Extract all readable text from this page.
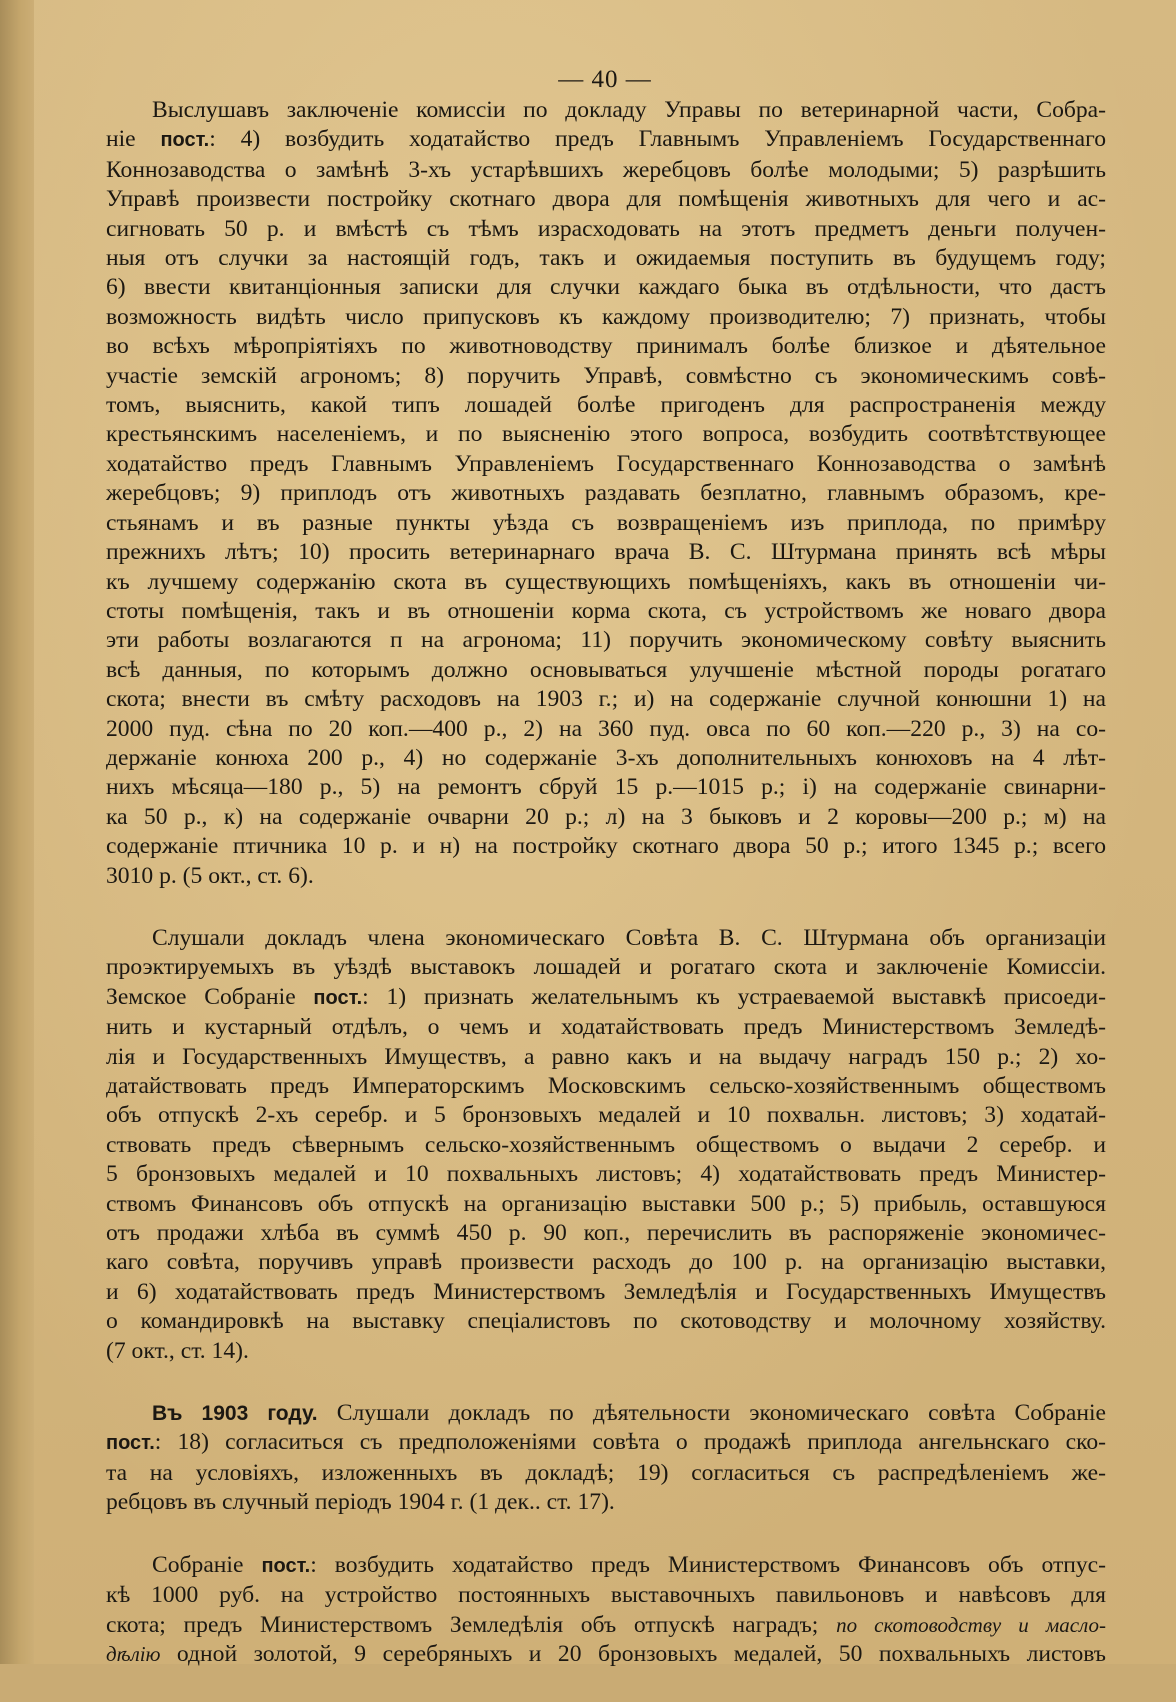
— 40 —

Выслушавъ заключеніе комиссіи по докладу Управы по ветеринарной части, Собра-
ніе пост.: 4) возбудить ходатайство предъ Главнымъ Управленіемъ Государственнаго
Коннозаводства о замѣнѣ 3-хъ устарѣвшихъ жеребцовъ болѣе молодыми; 5) разрѣшить
Управѣ произвести постройку скотнаго двора для помѣщенія животныхъ для чего и ас-
сигновать 50 р. и вмѣстѣ съ тѣмъ израсходовать на этотъ предметъ деньги получен-
ныя отъ случки за настоящій годъ, такъ и ожидаемыя поступить въ будущемъ году;
6) ввести квитанціонныя записки для случки каждаго быка въ отдѣльности, что дастъ
возможность видѣть число припусковъ къ каждому производителю; 7) признать, чтобы
во всѣхъ мѣропріятіяхъ по животноводству принималъ болѣе близкое и дѣятельное
участіе земскій агрономъ; 8) поручить Управѣ, совмѣстно съ экономическимъ совѣ-
томъ, выяснить, какой типъ лошадей болѣе пригоденъ для распространенія между
крестьянскимъ населеніемъ, и по выясненію этого вопроса, возбудить соотвѣтствующее
ходатайство предъ Главнымъ Управленіемъ Государственнаго Коннозаводства о замѣнѣ
жеребцовъ; 9) приплодъ отъ животныхъ раздавать безплатно, главнымъ образомъ, кре-
стьянамъ и въ разные пункты уѣзда съ возвращеніемъ изъ приплода, по примѣру
прежнихъ лѣтъ; 10) просить ветеринарнаго врача В. С. Штурмана принять всѣ мѣры
къ лучшему содержанію скота въ существующихъ помѣщеніяхъ, какъ въ отношеніи чи-
стоты помѣщенія, такъ и въ отношеніи корма скота, съ устройствомъ же новаго двора
эти работы возлагаются п на агронома; 11) поручить экономическому совѣту выяснить
всѣ данныя, по которымъ должно основываться улучшеніе мѣстной породы рогатаго
скота; внести въ смѣту расходовъ на 1903 г.; и) на содержаніе случной конюшни 1) на
2000 пуд. сѣна по 20 коп.—400 р., 2) на 360 пуд. овса по 60 коп.—220 р., 3) на со-
держаніе конюха 200 р., 4) но содержаніе 3-хъ дополнительныхъ конюховъ на 4 лѣт-
нихъ мѣсяца—180 р., 5) на ремонтъ сбруй 15 р.—1015 р.; і) на содержаніе свинарни-
ка 50 р., к) на содержаніе очварни 20 р.; л) на 3 быковъ и 2 коровы—200 р.; м) на
содержаніе птичника 10 р. и н) на постройку скотнаго двора 50 р.; итого 1345 р.; всего
3010 р. (5 окт., ст. 6).

Слушали докладъ члена экономическаго Совѣта В. С. Штурмана объ организаціи
проэктируемыхъ въ уѣздѣ выставокъ лошадей и рогатаго скота и заключеніе Комиссіи.
Земское Собраніе пост.: 1) признать желательнымъ къ устраеваемой выставкѣ присоеди-
нить и кустарный отдѣлъ, о чемъ и ходатайствовать предъ Министерствомъ Земледѣ-
лія и Государственныхъ Имуществъ, а равно какъ и на выдачу наградъ 150 р.; 2) хо-
датайствовать предъ Императорскимъ Московскимъ сельско-хозяйственнымъ обществомъ
объ отпускѣ 2-хъ серебр. и 5 бронзовыхъ медалей и 10 похвальн. листовъ; 3) ходатай-
ствовать предъ сѣвернымъ сельско-хозяйственнымъ обществомъ о выдачи 2 серебр. и
5 бронзовыхъ медалей и 10 похвальныхъ листовъ; 4) ходатайствовать предъ Министер-
ствомъ Финансовъ объ отпускѣ на организацію выставки 500 р.; 5) прибыль, оставшуюся
отъ продажи хлѣба въ суммѣ 450 р. 90 коп., перечислить въ распоряженіе экономичес-
каго совѣта, поручивъ управѣ произвести расходъ до 100 р. на организацію выставки,
и 6) ходатайствовать предъ Министерствомъ Земледѣлія и Государственныхъ Имуществъ
о командировкѣ на выставку спеціалистовъ по скотоводству и молочному хозяйству.
(7 окт., ст. 14).

Въ 1903 году. Слушали докладъ по дѣятельности экономическаго совѣта Собраніе
пост.: 18) согласиться съ предположеніями совѣта о продажѣ приплода ангельнскаго ско-
та на условіяхъ, изложенныхъ въ докладѣ; 19) согласиться съ распредѣленіемъ же-
ребцовъ въ случный періодъ 1904 г. (1 дек.. ст. 17).

Собраніе пост.: возбудить ходатайство предъ Министерствомъ Финансовъ объ отпус-
кѣ 1000 руб. на устройство постоянныхъ выставочныхъ павильоновъ и навѣсовъ для
скота; предъ Министерствомъ Земледѣлія объ отпускѣ наградъ; по скотоводству и масло-
дѣлію одной золотой, 9 серебряныхъ и 20 бронзовыхъ медалей, 50 похвальныхъ листовъ
